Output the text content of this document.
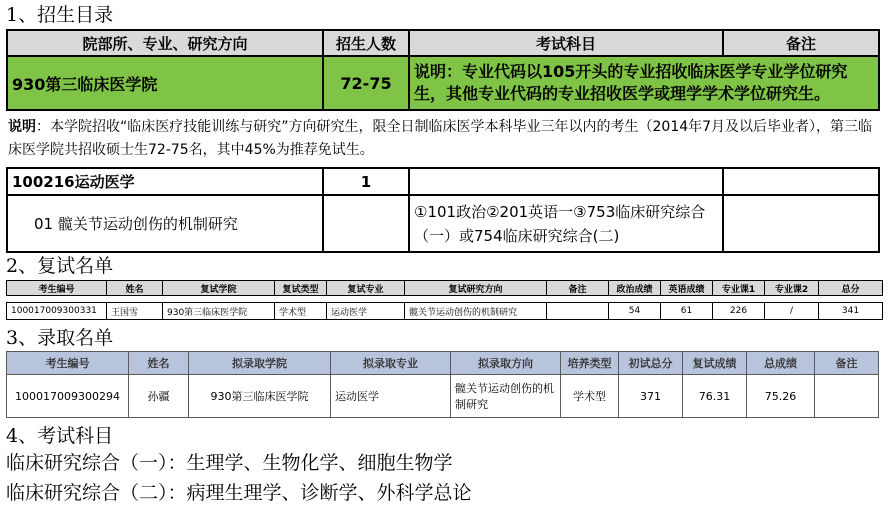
1、招生目录
院部所、专业、研究方向	招生人数	考试科目	备注
930第三临床医学院	72-75	说明：专业代码以105开头的专业招收临床医学专业学位研究生，其他专业代码的专业招收医学或理学学术学位研究生。	
说明：本学院招收“临床医疗技能训练与研究”方向研究生，限全日制临床医学本科毕业三年以内的考生（2014年7月及以后毕业者），第三临床医学院共招收硕士生72-75名，其中45%为推荐免试生。
100216运动医学	1		
01 髋关节运动创伤的机制研究		①101政治②201英语一③753临床研究综合（一）或754临床研究综合(二)	
2、复试名单
考生编号	姓名	复试学院	复试类型	复试专业	复试研究方向	备注	政治成绩	英语成绩	专业课1	专业课2	总分

100017009300331	王国雪	930第三临床医学院	学术型	运动医学	髋关节运动创伤的机制研究		54	61	226	/	341
3、录取名单
考生编号	姓名	拟录取学院	拟录取专业	拟录取方向	培养类型	初试总分	复试成绩	总成绩	备注
100017009300294	孙疆	930第三临床医学院	运动医学	髋关节运动创伤的机制研究	学术型	371	76.31	75.26	
4、考试科目
临床研究综合（一）：生理学、生物化学、细胞生物学
临床研究综合（二）：病理生理学、诊断学、外科学总论
